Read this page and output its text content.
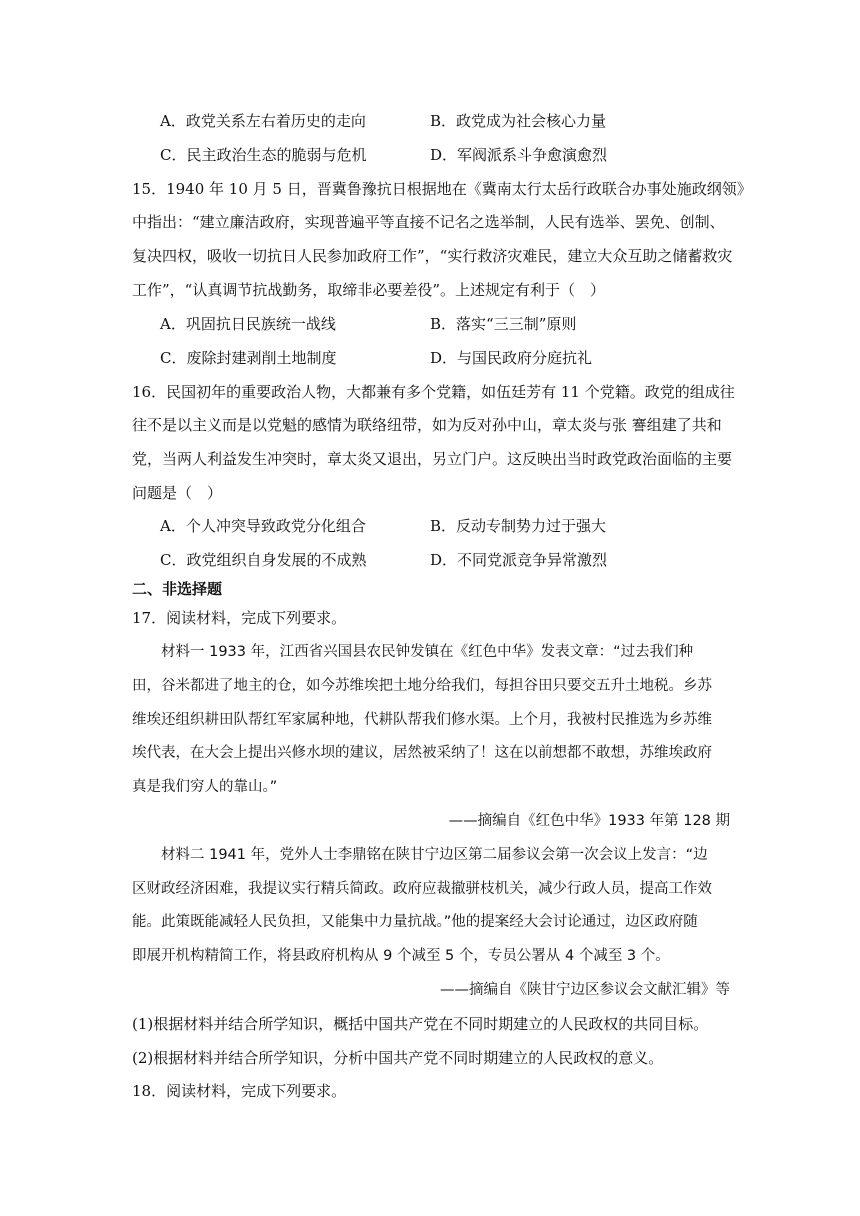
A．政党关系左右着历史的走向	B．政党成为社会核心力量
C．民主政治生态的脆弱与危机	D．军阀派系斗争愈演愈烈
15．1940 年 10 月 5 日，晋冀鲁豫抗日根据地在《冀南太行太岳行政联合办事处施政纲领》
中指出：“建立廉洁政府，实现普遍平等直接不记名之选举制，人民有选举、罢免、创制、
复决四权，吸收一切抗日人民参加政府工作”，“实行救济灾难民，建立大众互助之储蓄救灾
工作”，“认真调节抗战勤务，取缔非必要差役”。上述规定有利于（　）
A．巩固抗日民族统一战线	B．落实“三三制”原则
C．废除封建剥削土地制度	D．与国民政府分庭抗礼
16．民国初年的重要政治人物，大都兼有多个党籍，如伍廷芳有 11 个党籍。政党的组成往
往不是以主义而是以党魁的感情为联络纽带，如为反对孙中山，章太炎与张 謇组建了共和
党，当两人利益发生冲突时，章太炎又退出，另立门户。这反映出当时政党政治面临的主要
问题是（　）
A．个人冲突导致政党分化组合	B．反动专制势力过于强大
C．政党组织自身发展的不成熟	D．不同党派竞争异常激烈
二、非选择题
17．阅读材料，完成下列要求。
　　材料一 1933 年，江西省兴国县农民钟发镇在《红色中华》发表文章：“过去我们种
田，谷米都进了地主的仓，如今苏维埃把土地分给我们，每担谷田只要交五升土地税。乡苏
维埃还组织耕田队帮红军家属种地，代耕队帮我们修水渠。上个月，我被村民推选为乡苏维
埃代表，在大会上提出兴修水坝的建议，居然被采纳了！这在以前想都不敢想，苏维埃政府
真是我们穷人的靠山。”
——摘编自《红色中华》1933 年第 128 期
　　材料二 1941 年，党外人士李鼎铭在陕甘宁边区第二届参议会第一次会议上发言：“边
区财政经济困难，我提议实行精兵简政。政府应裁撤骈枝机关，减少行政人员，提高工作效
能。此策既能减轻人民负担，又能集中力量抗战。”他的提案经大会讨论通过，边区政府随
即展开机构精简工作，将县政府机构从 9 个减至 5 个，专员公署从 4 个减至 3 个。
——摘编自《陕甘宁边区参议会文献汇辑》等
(1)根据材料并结合所学知识，概括中国共产党在不同时期建立的人民政权的共同目标。
(2)根据材料并结合所学知识，分析中国共产党不同时期建立的人民政权的意义。
18．阅读材料，完成下列要求。
